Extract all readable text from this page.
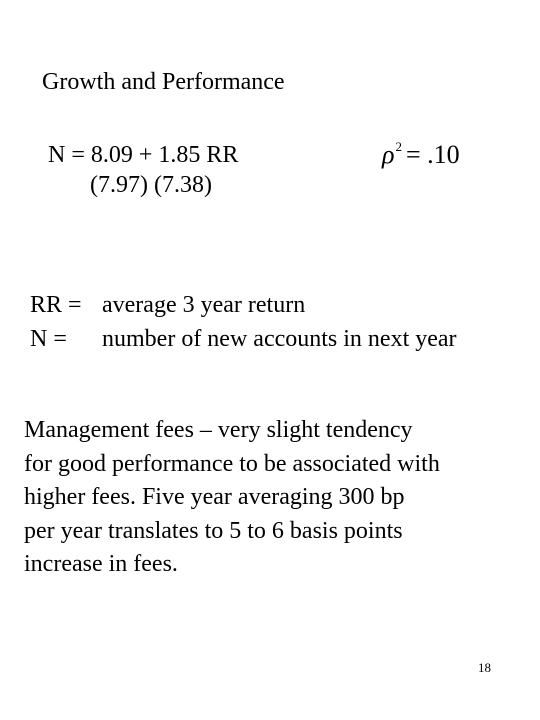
Growth and Performance
N = 8.09 + 1.85 RR
(7.97) (7.38)
$\rho^2 = .10$
RR = average 3 year return
N =	number of new accounts in next year
Management fees – very slight tendency
for good performance to be associated with
higher fees. Five year averaging 300 bp
per year translates to 5 to 6 basis points
increase in fees.
18
